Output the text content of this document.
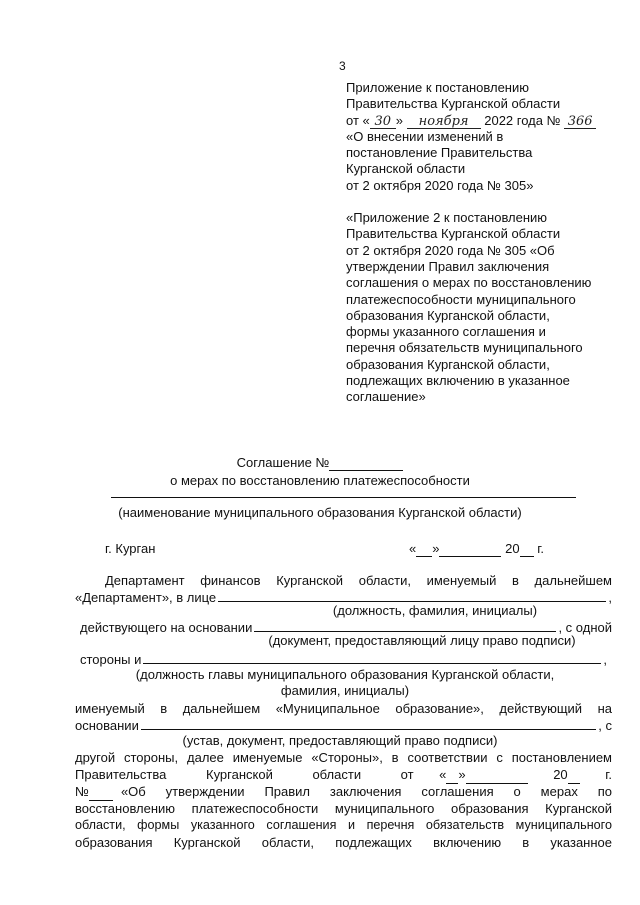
3
Приложение к постановлению
Правительства Курганской области
от « 30 » ноября 2022 года № 366
«О внесении изменений в
постановление Правительства
Курганской области
от 2 октября 2020 года № 305»
«Приложение 2 к постановлению
Правительства Курганской области
от 2 октября 2020 года № 305 «Об
утверждении Правил заключения
соглашения о мерах по восстановлению
платежеспособности муниципального
образования Курганской области,
формы указанного соглашения и
перечня обязательств муниципального
образования Курганской области,
подлежащих включению в указанное
соглашение»
Соглашение №
о мерах по восстановлению платежеспособности
(наименование муниципального образования Курганской области)
г. Курган	« »	20 г.
Департамент финансов Курганской области, именуемый в дальнейшем
«Департамент», в лице	,
(должность, фамилия, инициалы)
действующего на основании	, с одной
(документ, предоставляющий лицу право подписи)
стороны и	,
(должность главы муниципального образования Курганской области,
фамилия, инициалы)
именуемый в дальнейшем «Муниципальное образование», действующий на
основании	, с
(устав, документ, предоставляющий право подписи)
другой стороны, далее именуемые «Стороны», в соответствии с постановлением
Правительства Курганской области от « »	20	г.
№
«Об утверждении Правил заключения соглашения о мерах по
восстановлению платежеспособности муниципального образования Курганской
области, формы указанного соглашения и перечня обязательств муниципального
образования Курганской области, подлежащих включению в указанное
